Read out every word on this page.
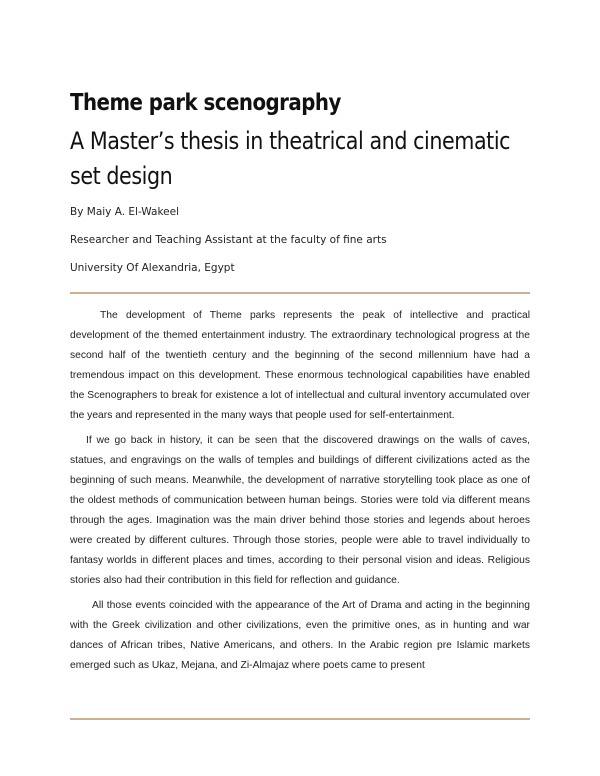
Theme park scenography
A Master’s thesis in theatrical and cinematic set design
By Maiy A. El-Wakeel
Researcher and Teaching Assistant at the faculty of fine arts
University Of Alexandria, Egypt

The development of Theme parks represents the peak of intellective and practical development of the themed entertainment industry. The extraordinary technological progress at the second half of the twentieth century and the beginning of the second millennium have had a tremendous impact on this development. These enormous technological capabilities have enabled the Scenographers to break for existence a lot of intellectual and cultural inventory accumulated over the years and represented in the many ways that people used for self-entertainment.

If we go back in history, it can be seen that the discovered drawings on the walls of caves, statues, and engravings on the walls of temples and buildings of different civilizations acted as the beginning of such means. Meanwhile, the development of narrative storytelling took place as one of the oldest methods of communication between human beings. Stories were told via different means through the ages. Imagination was the main driver behind those stories and legends about heroes were created by different cultures. Through those stories, people were able to travel individually to fantasy worlds in different places and times, according to their personal vision and ideas. Religious stories also had their contribution in this field for reflection and guidance.

All those events coincided with the appearance of the Art of Drama and acting in the beginning with the Greek civilization and other civilizations, even the primitive ones, as in hunting and war dances of African tribes, Native Americans, and others. In the Arabic region pre Islamic markets emerged such as Ukaz, Mejana, and Zi-Almajaz where poets came to present
